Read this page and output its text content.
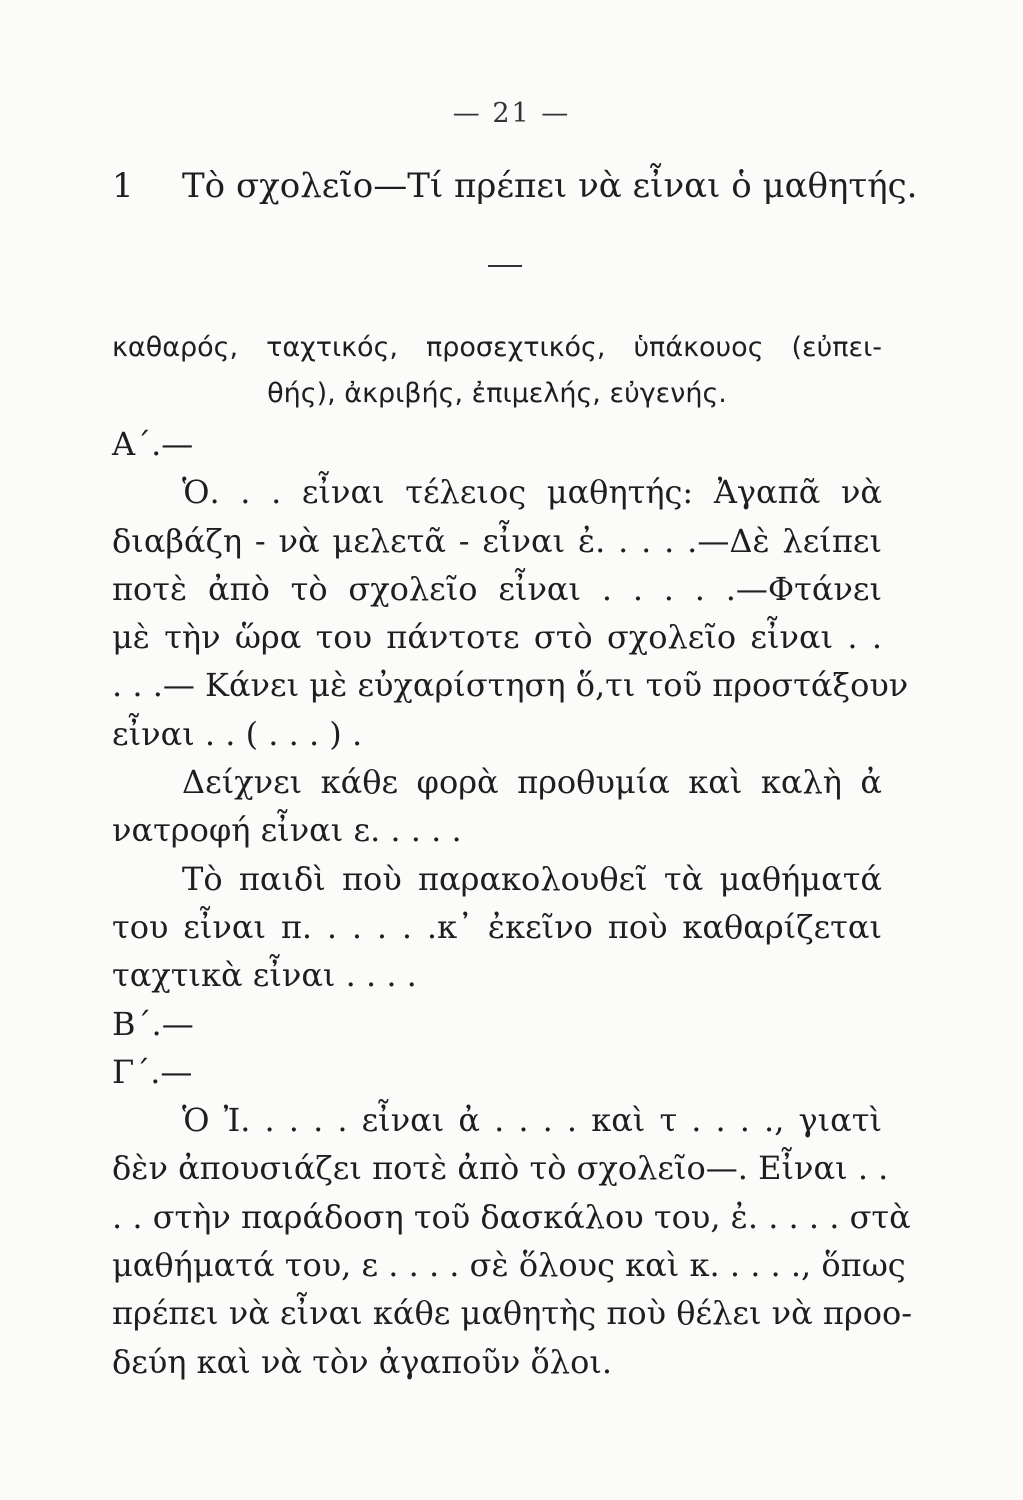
— 21 —
1 Τὸ σχολεῖο—Τί πρέπει νὰ εἶναι ὁ μαθητής.
καθαρός, ταχτικός, προσεχτικός, ὑπάκουος (εὐπει-
θής), ἀκριβής, ἐπιμελής, εὐγενής.
Α΄.—
Ὁ. . . εἶναι τέλειος μαθητής: Ἀγαπᾶ νὰ
διαβάζη - νὰ μελετᾶ - εἶναι ἐ. . . . .—Δὲ λείπει
ποτὲ ἀπὸ τὸ σχολεῖο εἶναι . . . . .—Φτάνει
μὲ τὴν ὥρα του πάντοτε στὸ σχολεῖο εἶναι . .
. . .— Κάνει μὲ εὐχαρίστηση ὅ,τι τοῦ προστάξουν
εἶναι . . ( . . . ) .
Δείχνει κάθε φορὰ προθυμία καὶ καλὴ ἀ
νατροφή εἶναι ε. . . . .
Τὸ παιδὶ ποὺ παρακολουθεῖ τὰ μαθήματά
του εἶναι π. . . . . .κ᾽ ἐκεῖνο ποὺ καθαρίζεται
ταχτικὰ εἶναι . . . .
Β΄.—
Γ΄.—
Ὁ Ἰ. . . . . εἶναι ἀ . . . . καὶ τ . . . ., γιατὶ
δὲν ἀπουσιάζει ποτὲ ἀπὸ τὸ σχολεῖο—. Εἶναι . .
. . στὴν παράδοση τοῦ δασκάλου του, ἐ. . . . . στὰ
μαθήματά του, ε . . . . σὲ ὅλους καὶ κ. . . . ., ὅπως
πρέπει νὰ εἶναι κάθε μαθητὴς ποὺ θέλει νὰ προο-
δεύη καὶ νὰ τὸν ἀγαποῦν ὅλοι.
